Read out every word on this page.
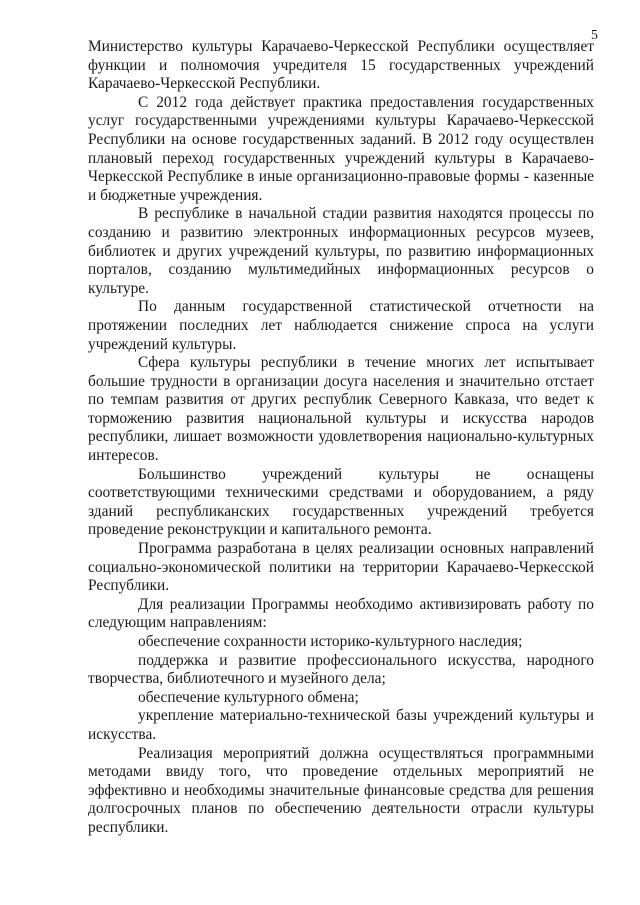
5

Министерство культуры Карачаево-Черкесской Республики осуществляет функции и полномочия учредителя 15 государственных учреждений Карачаево-Черкесской Республики.

С 2012 года действует практика предоставления государственных услуг государственными учреждениями культуры Карачаево-Черкесской Республики на основе государственных заданий. В 2012 году осуществлен плановый переход государственных учреждений культуры в Карачаево-Черкесской Республике в иные организационно-правовые формы - казенные и бюджетные учреждения.

В республике в начальной стадии развития находятся процессы по созданию и развитию электронных информационных ресурсов музеев, библиотек и других учреждений культуры, по развитию информационных порталов, созданию мультимедийных информационных ресурсов о культуре.

По данным государственной статистической отчетности на протяжении последних лет наблюдается снижение спроса на услуги учреждений культуры.

Сфера культуры республики в течение многих лет испытывает большие трудности в организации досуга населения и значительно отстает по темпам развития от других республик Северного Кавказа, что ведет к торможению развития национальной культуры и искусства народов республики, лишает возможности удовлетворения национально-культурных интересов.

Большинство учреждений культуры не оснащены соответствующими техническими средствами и оборудованием, а ряду зданий республиканских государственных учреждений требуется проведение реконструкции и капитального ремонта.

Программа разработана в целях реализации основных направлений социально-экономической политики на территории Карачаево-Черкесской Республики.

Для реализации Программы необходимо активизировать работу по следующим направлениям:

обеспечение сохранности историко-культурного наследия;

поддержка и развитие профессионального искусства, народного творчества, библиотечного и музейного дела;

обеспечение культурного обмена;

укрепление материально-технической базы учреждений культуры и искусства.

Реализация мероприятий должна осуществляться программными методами ввиду того, что проведение отдельных мероприятий не эффективно и необходимы значительные финансовые средства для решения долгосрочных планов по обеспечению деятельности отрасли культуры республики.
